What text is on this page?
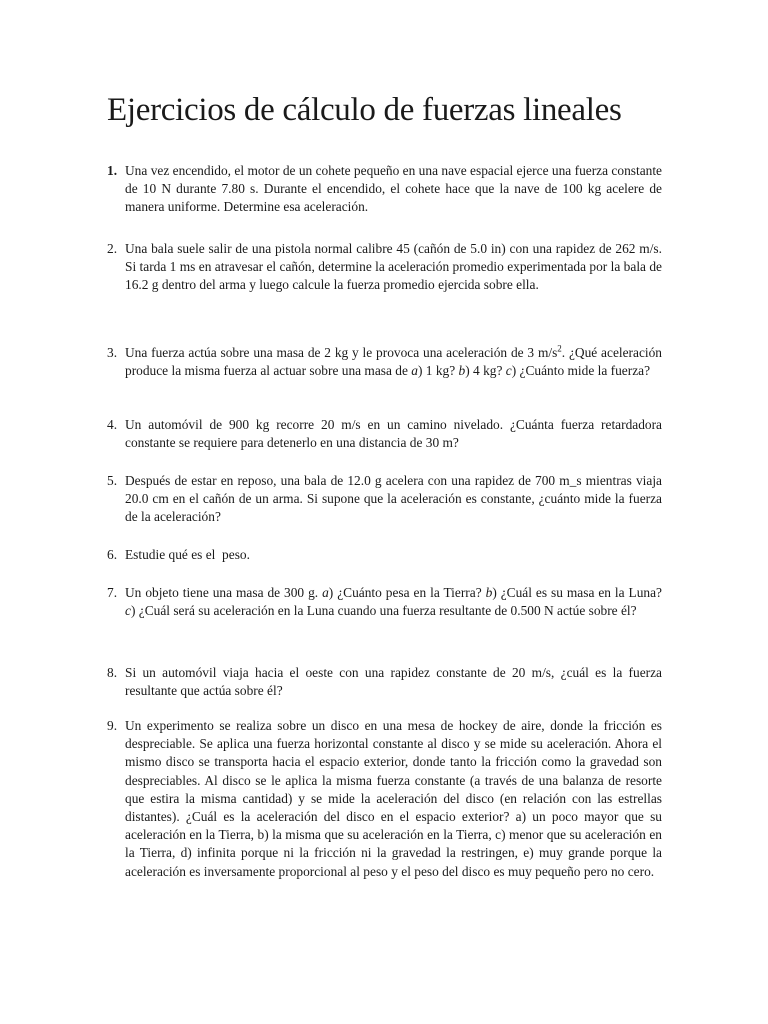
Ejercicios de cálculo de fuerzas lineales
1. Una vez encendido, el motor de un cohete pequeño en una nave espacial ejerce una fuerza constante de 10 N durante 7.80 s. Durante el encendido, el cohete hace que la nave de 100 kg acelere de manera uniforme. Determine esa aceleración.
2. Una bala suele salir de una pistola normal calibre 45 (cañón de 5.0 in) con una rapidez de 262 m/s. Si tarda 1 ms en atravesar el cañón, determine la aceleración promedio experimentada por la bala de 16.2 g dentro del arma y luego calcule la fuerza promedio ejercida sobre ella.
3. Una fuerza actúa sobre una masa de 2 kg y le provoca una aceleración de 3 $m/s^2$. ¿Qué aceleración produce la misma fuerza al actuar sobre una masa de a) 1 kg? b) 4 kg? c) ¿Cuánto mide la fuerza?
4. Un automóvil de 900 kg recorre 20 m/s en un camino nivelado. ¿Cuánta fuerza retardadora constante se requiere para detenerlo en una distancia de 30 m?
5. Después de estar en reposo, una bala de 12.0 g acelera con una rapidez de 700 m_s mientras viaja 20.0 cm en el cañón de un arma. Si supone que la aceleración es constante, ¿cuánto mide la fuerza de la aceleración?
6. Estudie qué es el  peso.
7. Un objeto tiene una masa de 300 g. a) ¿Cuánto pesa en la Tierra? b) ¿Cuál es su masa en la Luna? c) ¿Cuál será su aceleración en la Luna cuando una fuerza resultante de 0.500 N actúe sobre él?
8. Si un automóvil viaja hacia el oeste con una rapidez constante de 20 m/s, ¿cuál es la fuerza resultante que actúa sobre él?
9. Un experimento se realiza sobre un disco en una mesa de hockey de aire, donde la fricción es despreciable. Se aplica una fuerza horizontal constante al disco y se mide su aceleración. Ahora el mismo disco se transporta hacia el espacio exterior, donde tanto la fricción como la gravedad son despreciables. Al disco se le aplica la misma fuerza constante (a través de una balanza de resorte que estira la misma cantidad) y se mide la aceleración del disco (en relación con las estrellas distantes). ¿Cuál es la aceleración del disco en el espacio exterior? a) un poco mayor que su aceleración en la Tierra, b) la misma que su aceleración en la Tierra, c) menor que su aceleración en la Tierra, d) infinita porque ni la fricción ni la gravedad la restringen, e) muy grande porque la aceleración es inversamente proporcional al peso y el peso del disco es muy pequeño pero no cero.
